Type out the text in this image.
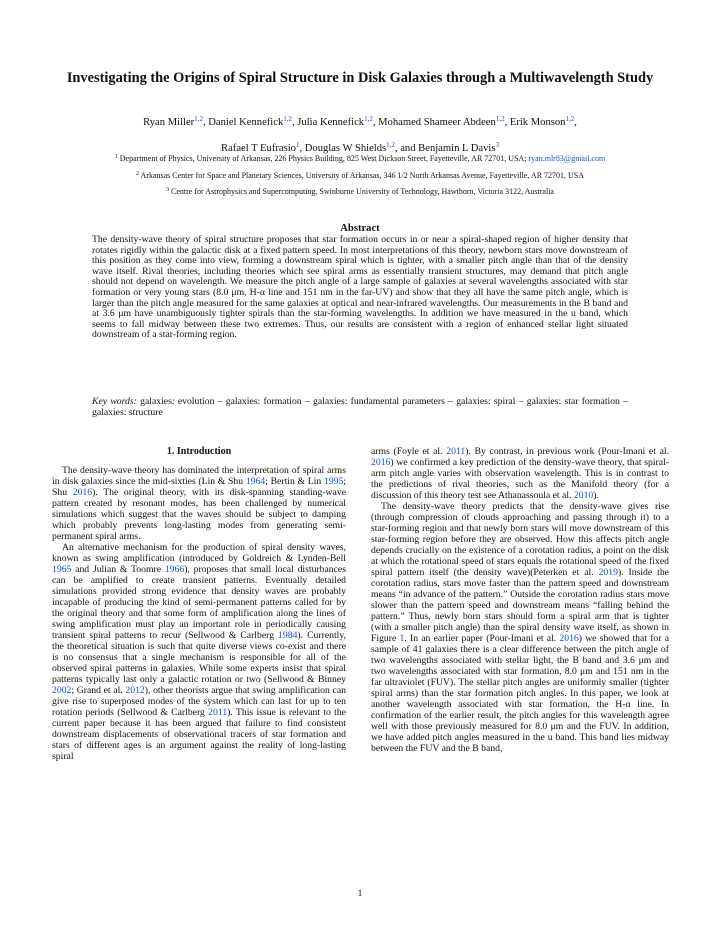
Investigating the Origins of Spiral Structure in Disk Galaxies through a Multiwavelength Study
Ryan Miller$^{1,2}$, Daniel Kennefick$^{1,2}$, Julia Kennefick$^{1,2}$, Mohamed Shameer Abdeen$^{1,2}$, Erik Monson$^{1,2}$,
Rafael T Eufrasio$^1$, Douglas W Shields$^{1,2}$, and Benjamin L Davis$^3$
$^1$ Department of Physics, University of Arkansas, 226 Physics Building, 825 West Dickson Street, Fayetteville, AR 72701, USA; ryan.mlr83@gmail.com
$^2$ Arkansas Center for Space and Planetary Sciences, University of Arkansas, 346 1/2 North Arkansas Avenue, Fayetteville, AR 72701, USA
$^3$ Centre for Astrophysics and Supercomputing, Swinburne University of Technology, Hawthorn, Victoria 3122, Australia
Abstract
The density-wave theory of spiral structure proposes that star formation occurs in or near a spiral-shaped region of higher density that rotates rigidly within the galactic disk at a fixed pattern speed. In most interpretations of this theory, newborn stars move downstream of this position as they come into view, forming a downstream spiral which is tighter, with a smaller pitch angle than that of the density wave itself. Rival theories, including theories which see spiral arms as essentially transient structures, may demand that pitch angle should not depend on wavelength. We measure the pitch angle of a large sample of galaxies at several wavelengths associated with star formation or very young stars (8.0 μm, H-α line and 151 nm in the far-UV) and show that they all have the same pitch angle, which is larger than the pitch angle measured for the same galaxies at optical and near-infrared wavelengths. Our measurements in the B band and at 3.6 μm have unambiguously tighter spirals than the star-forming wavelengths. In addition we have measured in the u band, which seems to fall midway between these two extremes. Thus, our results are consistent with a region of enhanced stellar light situated downstream of a star-forming region.
Key words: galaxies: evolution – galaxies: formation – galaxies: fundamental parameters – galaxies: spiral – galaxies: star formation – galaxies: structure
1. Introduction

The density-wave theory has dominated the interpretation of spiral arms in disk galaxies since the mid-sixties (Lin & Shu 1964; Bertin & Lin 1995; Shu 2016). The original theory, with its disk-spanning standing-wave pattern created by resonant modes, has been challenged by numerical simulations which suggest that the waves should be subject to damping which probably prevents long-lasting modes from generating semi-permanent spiral arms.

An alternative mechanism for the production of spiral density waves, known as swing amplification (introduced by Goldreich & Lynden-Bell 1965 and Julian & Toomre 1966), proposes that small local disturbances can be amplified to create transient patterns. Eventually detailed simulations provided strong evidence that density waves are probably incapable of producing the kind of semi-permanent patterns called for by the original theory and that some form of amplification along the lines of swing amplification must play an important role in periodically causing transient spiral patterns to recur (Sellwood & Carlberg 1984). Currently, the theoretical situation is such that quite diverse views co-exist and there is no consensus that a single mechanism is responsible for all of the observed spiral patterns in galaxies. While some experts insist that spiral patterns typically last only a galactic rotation or two (Sellwood & Binney 2002; Grand et al. 2012), other theorists argue that swing amplification can give rise to superposed modes of the system which can last for up to ten rotation periods (Sellwood & Carlberg 2011). This issue is relevant to the current paper because it has been argued that failure to find consistent downstream displacements of observational tracers of star formation and stars of different ages is an argument against the reality of long-lasting spiral

arms (Foyle et al. 2011). By contrast, in previous work (Pour-Imani et al. 2016) we confirmed a key prediction of the density-wave theory, that spiral-arm pitch angle varies with observation wavelength. This is in contrast to the predictions of rival theories, such as the Manifold theory (for a discussion of this theory test see Athanassoula et al. 2010).

The density-wave theory predicts that the density-wave gives rise (through compression of clouds approaching and passing through it) to a star-forming region and that newly born stars will move downstream of this star-forming region before they are observed. How this affects pitch angle depends crucially on the existence of a corotation radius, a point on the disk at which the rotational speed of stars equals the rotational speed of the fixed spiral pattern itself (the density wave)(Peterken et al. 2019). Inside the corotation radius, stars move faster than the pattern speed and downstream means “in advance of the pattern.” Outside the corotation radius stars move slower than the pattern speed and downstream means “falling behind the pattern.” Thus, newly born stars should form a spiral arm that is tighter (with a smaller pitch angle) than the spiral density wave itself, as shown in Figure 1. In an earlier paper (Pour-Imani et al. 2016) we showed that for a sample of 41 galaxies there is a clear difference between the pitch angle of two wavelengths associated with stellar light, the B band and 3.6 μm and two wavelengths associated with star formation, 8.0 μm and 151 nm in the far ultraviolet (FUV). The stellar pitch angles are uniformly smaller (tighter spiral arms) than the star formation pitch angles. In this paper, we look at another wavelength associated with star formation, the H-α line. In confirmation of the earlier result, the pitch angles for this wavelength agree well with those previously measured for 8.0 μm and the FUV. In addition, we have added pitch angles measured in the u band. This band lies midway between the FUV and the B band,

1
